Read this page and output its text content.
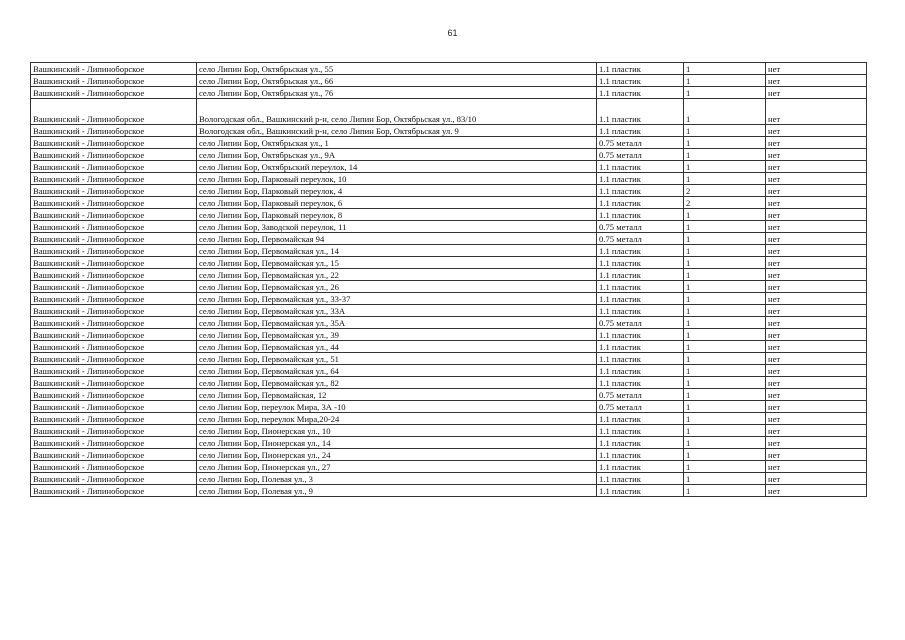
61
Вашкинский - Липиноборское	село Липин Бор, Октябрьская ул., 55	1.1 пластик	1	нет
Вашкинский - Липиноборское	село Липин Бор, Октябрьская ул., 66	1.1 пластик	1	нет
Вашкинский - Липиноборское	село Липин Бор, Октябрьская ул., 76	1.1 пластик	1	нет
Вашкинский - Липиноборское	Вологодская обл., Вашкинский р-н, село Липин Бор, Октябрьская ул., 83/10	1.1 пластик	1	нет
Вашкинский - Липиноборское	Вологодская обл., Вашкинский р-н, село Липин Бор, Октябрьская ул. 9	1.1 пластик	1	нет
Вашкинский - Липиноборское	село Липин Бор, Октябрьская ул., 1	0.75 металл	1	нет
Вашкинский - Липиноборское	село Липин Бор, Октябрьская ул., 9А	0.75 металл	1	нет
Вашкинский - Липиноборское	село Липин Бор, Октябрьский переулок, 14	1.1 пластик	1	нет
Вашкинский - Липиноборское	село Липин Бор, Парковый переулок, 10	1.1 пластик	1	нет
Вашкинский - Липиноборское	село Липин Бор, Парковый переулок, 4	1.1 пластик	2	нет
Вашкинский - Липиноборское	село Липин Бор, Парковый переулок, 6	1.1 пластик	2	нет
Вашкинский - Липиноборское	село Липин Бор, Парковый переулок, 8	1.1 пластик	1	нет
Вашкинский - Липиноборское	село Липин Бор, Заводской переулок, 11	0.75 металл	1	нет
Вашкинский - Липиноборское	село Липин Бор, Первомайская 94	0.75 металл	1	нет
Вашкинский - Липиноборское	село Липин Бор, Первомайская ул., 14	1.1 пластик	1	нет
Вашкинский - Липиноборское	село Липин Бор, Первомайская ул., 15	1.1 пластик	1	нет
Вашкинский - Липиноборское	село Липин Бор, Первомайская ул., 22	1.1 пластик	1	нет
Вашкинский - Липиноборское	село Липин Бор, Первомайская ул., 26	1.1 пластик	1	нет
Вашкинский - Липиноборское	село Липин Бор, Первомайская ул., 33-37	1.1 пластик	1	нет
Вашкинский - Липиноборское	село Липин Бор, Первомайская ул., 33А	1.1 пластик	1	нет
Вашкинский - Липиноборское	село Липин Бор, Первомайская ул., 35А	0.75 металл	1	нет
Вашкинский - Липиноборское	село Липин Бор, Первомайская ул., 39	1.1 пластик	1	нет
Вашкинский - Липиноборское	село Липин Бор, Первомайская ул., 44	1.1 пластик	1	нет
Вашкинский - Липиноборское	село Липин Бор, Первомайская ул., 51	1.1 пластик	1	нет
Вашкинский - Липиноборское	село Липин Бор, Первомайская ул., 64	1.1 пластик	1	нет
Вашкинский - Липиноборское	село Липин Бор, Первомайская ул., 82	1.1 пластик	1	нет
Вашкинский - Липиноборское	село Липин Бор, Первомайская, 12	0.75 металл	1	нет
Вашкинский - Липиноборское	село Липин Бор, переулок Мира, 3А -10	0.75 металл	1	нет
Вашкинский - Липиноборское	село Липин Бор, переулок Мира,20-24	1.1 пластик	1	нет
Вашкинский - Липиноборское	село Липин Бор, Пионерская ул., 10	1.1 пластик	1	нет
Вашкинский - Липиноборское	село Липин Бор, Пионерская ул., 14	1.1 пластик	1	нет
Вашкинский - Липиноборское	село Липин Бор, Пионерская ул., 24	1.1 пластик	1	нет
Вашкинский - Липиноборское	село Липин Бор, Пионерская ул., 27	1.1 пластик	1	нет
Вашкинский - Липиноборское	село Липин Бор, Полевая ул., 3	1.1 пластик	1	нет
Вашкинский - Липиноборское	село Липин Бор, Полевая ул., 9	1.1 пластик	1	нет
